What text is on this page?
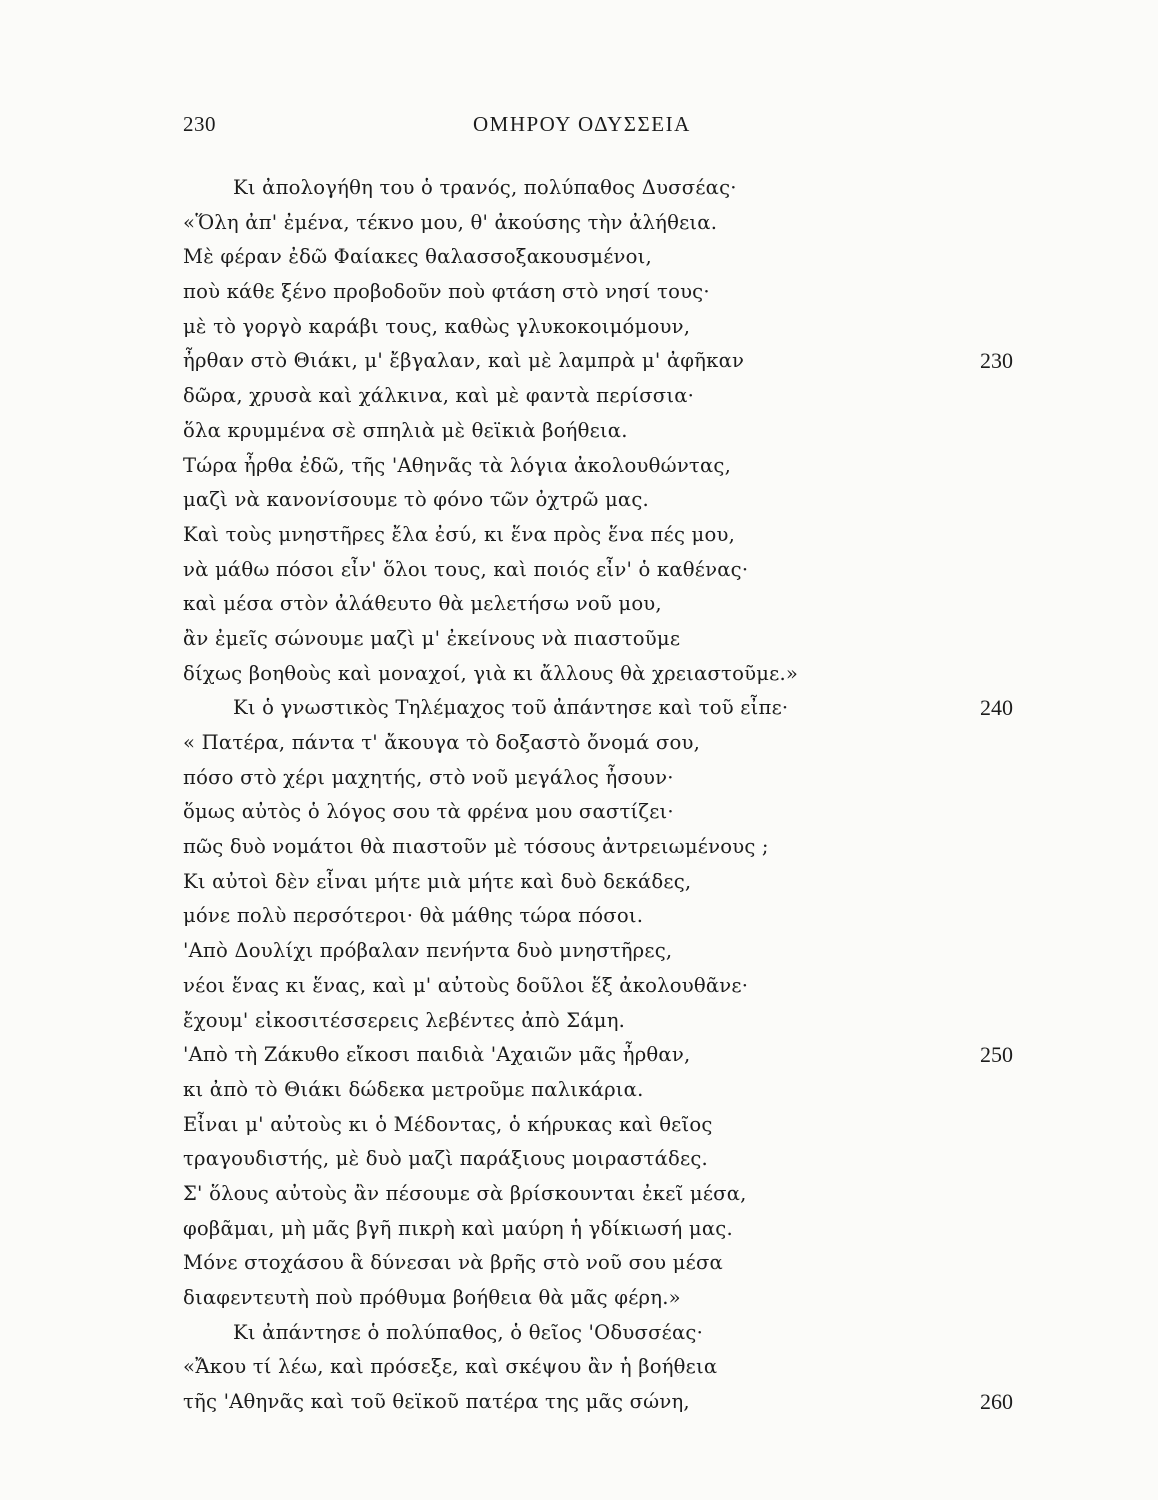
230	ΟΜΗΡΟΥ ΟΔΥΣΣΕΙΑ
Κι ἀπολογήθη του ὁ τρανός, πολύπαθος Δυσσέας·
«Ὅλη ἀπ' ἐμένα, τέκνο μου, θ' ἀκούσης τὴν ἀλήθεια.
Μὲ φέραν ἐδῶ Φαίακες θαλασσοξακουσμένοι,
ποὺ κάθε ξένο προβοδοῦν ποὺ φτάση στὸ νησί τους·
μὲ τὸ γοργὸ καράβι τους, καθὼς γλυκοκοιμόμουν,
ἦρθαν στὸ Θιάκι, μ' ἔβγαλαν, καὶ μὲ λαμπρὰ μ' ἀφῆκαν	230
δῶρα, χρυσὰ καὶ χάλκινα, καὶ μὲ φαντὰ περίσσια·
ὅλα κρυμμένα σὲ σπηλιὰ μὲ θεϊκιὰ βοήθεια.
Τώρα ἦρθα ἐδῶ, τῆς 'Αθηνᾶς τὰ λόγια ἀκολουθώντας,
μαζὶ νὰ κανονίσουμε τὸ φόνο τῶν ὀχτρῶ μας.
Καὶ τοὺς μνηστῆρες ἔλα ἐσύ, κι ἕνα πρὸς ἕνα πές μου,
νὰ μάθω πόσοι εἶν' ὅλοι τους, καὶ ποιός εἶν' ὁ καθένας·
καὶ μέσα στὸν ἀλάθευτο θὰ μελετήσω νοῦ μου,
ἂν ἐμεῖς σώνουμε μαζὶ μ' ἐκείνους νὰ πιαστοῦμε
δίχως βοηθοὺς καὶ μοναχοί, γιὰ κι ἄλλους θὰ χρειαστοῦμε.»
Κι ὁ γνωστικὸς Τηλέμαχος τοῦ ἀπάντησε καὶ τοῦ εἶπε·	240
« Πατέρα, πάντα τ' ἄκουγα τὸ δοξαστὸ ὄνομά σου,
πόσο στὸ χέρι μαχητής, στὸ νοῦ μεγάλος ἦσουν·
ὅμως αὐτὸς ὁ λόγος σου τὰ φρένα μου σαστίζει·
πῶς δυὸ νομάτοι θὰ πιαστοῦν μὲ τόσους ἀντρειωμένους ;
Κι αὐτοὶ δὲν εἶναι μήτε μιὰ μήτε καὶ δυὸ δεκάδες,
μόνε πολὺ περσότεροι· θὰ μάθης τώρα πόσοι.
'Απὸ Δουλίχι πρόβαλαν πενήντα δυὸ μνηστῆρες,
νέοι ἕνας κι ἕνας, καὶ μ' αὐτοὺς δοῦλοι ἕξ ἀκολουθᾶνε·
ἔχουμ' εἰκοσιτέσσερεις λεβέντες ἀπὸ Σάμη.
'Απὸ τὴ Ζάκυθο εἴκοσι παιδιὰ 'Αχαιῶν μᾶς ἦρθαν,	250
κι ἀπὸ τὸ Θιάκι δώδεκα μετροῦμε παλικάρια.
Εἶναι μ' αὐτοὺς κι ὁ Μέδοντας, ὁ κήρυκας καὶ θεῖος
τραγουδιστής, μὲ δυὸ μαζὶ παράξιους μοιραστάδες.
Σ' ὅλους αὐτοὺς ἂν πέσουμε σὰ βρίσκουνται ἐκεῖ μέσα,
φοβᾶμαι, μὴ μᾶς βγῆ πικρὴ καὶ μαύρη ἡ γδίκιωσή μας.
Μόνε στοχάσου ἃ δύνεσαι νὰ βρῆς στὸ νοῦ σου μέσα
διαφεντευτὴ ποὺ πρόθυμα βοήθεια θὰ μᾶς φέρη.»
Κι ἀπάντησε ὁ πολύπαθος, ὁ θεῖος 'Οδυσσέας·
«Ἄκου τί λέω, καὶ πρόσεξε, καὶ σκέψου ἂν ἡ βοήθεια
τῆς 'Αθηνᾶς καὶ τοῦ θεϊκοῦ πατέρα της μᾶς σώνη,	260
